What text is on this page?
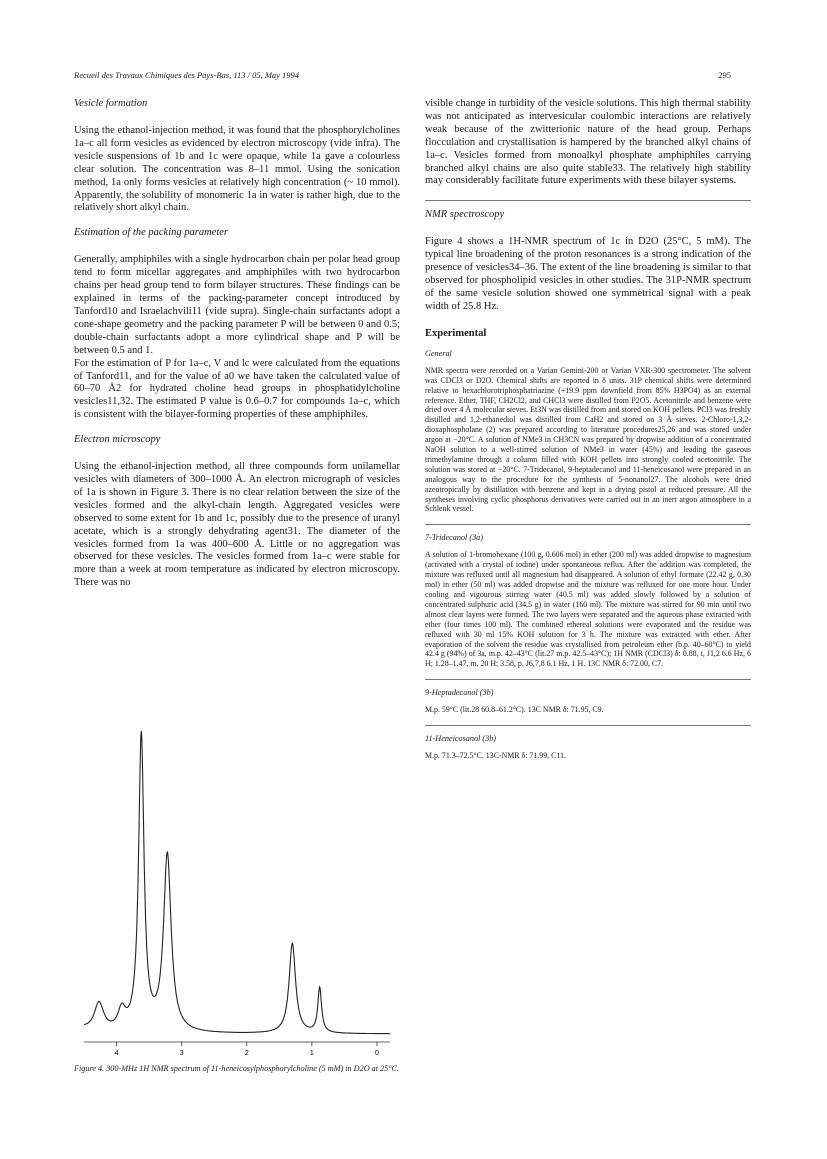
Recueil des Travaux Chimiques des Pays-Bas, 113 / 05, May 1994	295
Vesicle formation

Using the ethanol-injection method, it was found that the phosphorylcholines 1a–c all form vesicles as evidenced by electron microscopy (vide infra). The vesicle suspensions of 1b and 1c were opaque, while 1a gave a colourless clear solution. The concentration was 8–11 mmol. Using the sonication method, 1a only forms vesicles at relatively high concentration (~ 10 mmol). Apparently, the solubility of monomeric 1a in water is rather high, due to the relatively short alkyl chain.

Estimation of the packing parameter

Generally, amphiphiles with a single hydrocarbon chain per polar head group tend to form micellar aggregates and amphiphiles with two hydrocarbon chains per head group tend to form bilayer structures. These findings can be explained in terms of the packing-parameter concept introduced by Tanford10 and Israelachvili11 (vide supra). Single-chain surfactants adopt a cone-shape geometry and the packing parameter P will be between 0 and 0.5; double-chain surfactants adopt a more cylindrical shape and P will be between 0.5 and 1.

For the estimation of P for 1a–c, V and lc were calculated from the equations of Tanford11, and for the value of a0 we have taken the calculated value of 60–70 Å2 for hydrated choline head groups in phosphatidylcholine vesicles11,32. The estimated P value is 0.6–0.7 for compounds 1a–c, which is consistent with the bilayer-forming properties of these amphiphiles.

Electron microscopy

Using the ethanol-injection method, all three compounds form unilamellar vesicles with diameters of 300–1000 Å. An electron micrograph of vesicles of 1a is shown in Figure 3. There is no clear relation between the size of the vesicles formed and the alkyl-chain length. Aggregated vesicles were observed to some extent for 1b and 1c, possibly due to the presence of uranyl acetate, which is a strongly dehydrating agent31. The diameter of the vesicles formed from 1a was 400–600 Å. Little or no aggregation was observed for these vesicles. The vesicles formed from 1a–c were stable for more than a week at room temperature as indicated by electron microscopy. There was no

4	3	2	1	0
Figure 4. 300-MHz 1H NMR spectrum of 11-heneicosylphosphorylcholine (5 mM) in D2O at 25°C.

visible change in turbidity of the vesicle solutions. This high thermal stability was not anticipated as intervesicular coulombic interactions are relatively weak because of the zwitterionic nature of the head group. Perhaps flocculation and crystallisation is hampered by the branched alkyl chains of 1a–c. Vesicles formed from monoalkyl phosphate amphiphiles carrying branched alkyl chains are also quite stable33. The relatively high stability may considerably facilitate future experiments with these bilayer systems.

NMR spectroscopy

Figure 4 shows a 1H-NMR spectrum of 1c in D2O (25°C, 5 mM). The typical line broadening of the proton resonances is a strong indication of the presence of vesicles34–36. The extent of the line broadening is similar to that observed for phospholipid vesicles in other studies. The 31P-NMR spectrum of the same vesicle solution showed one symmetrical signal with a peak width of 25.8 Hz.

Experimental
General

NMR spectra were recorded on a Varian Gemini-200 or Varian VXR-300 spectrometer. The solvent was CDCl3 or D2O. Chemical shifts are reported in δ units. 31P chemical shifts were determined relative to hexachlorotriphosphatriazine (+19.9 ppm downfield from 85% H3PO4) as an external reference. Ether, THF, CH2Cl2, and CHCl3 were distilled from P2O5. Acetonitrile and benzene were dried over 4 Å molecular sieves. Et3N was distilled from and stored on KOH pellets. PCl3 was freshly distilled and 1,2-ethanediol was distilled from CaH2 and stored on 3 Å sieves. 2-Chloro-1,3,2-dioxaphospholane (2) was prepared according to literature procedures25,26 and was stored under argon at −20°C. A solution of NMe3 in CH3CN was prepared by dropwise addition of a concentrated NaOH solution to a well-stirred solution of NMe3 in water (45%) and leading the gaseous trimethylamine through a column filled with KOH pellets into strongly cooled acetonitrile. The solution was stored at −20°C. 7-Tridecanol, 9-heptadecanol and 11-heneicosanol were prepared in an analogous way to the procedure for the synthesis of 5-nonanol27. The alcohols were dried azeotropically by distillation with benzene and kept in a drying pistol at reduced pressure. All the syntheses involving cyclic phosphorus derivatives were carried out in an inert argon atmosphere in a Schlenk vessel.

7-Tridecanol (3a)

A solution of 1-bromohexane (100 g, 0.606 mol) in ether (200 ml) was added dropwise to magnesium (activated with a crystal of iodine) under spontaneous reflux. After the addition was completed, the mixture was refluxed until all magnesium had disappeared. A solution of ethyl formate (22.42 g, 0.30 mol) in ether (50 ml) was added dropwise and the mixture was refluxed for one more hour. Under cooling and vigourous stirring water (40.5 ml) was added slowly followed by a solution of concentrated sulphuric acid (34.5 g) in water (160 ml). The mixture was stirred for 90 min until two almost clear layers were formed. The two layers were separated and the aqueous phase extracted with ether (four times 100 ml). The combined ethereal solutions were evaporated and the residue was refluxed with 30 ml 15% KOH solution for 3 h. The mixture was extracted with ether. After evaporation of the solvent the residue was crystallised from petroleum ether (b.p. 40–60°C) to yield 42.4 g (94%) of 3a, m.p. 42–43°C (lit.27 m.p. 42.5–43°C); 1H NMR (CDCl3) δ: 0.88, t, J1,2 6.6 Hz, 6 H; 1.28–1.47, m, 20 H; 3.58, p, J6,7,8 6.1 Hz, 1 H. 13C NMR δ: 72.00, C7.

9-Heptadecanol (3b)

M.p. 59°C (lit.28 60.8–61.2°C). 13C NMR δ: 71.95, C9.

11-Heneicosanol (3b)

M.p. 71.3–72.5°C. 13C-NMR δ: 71.99, C11.
